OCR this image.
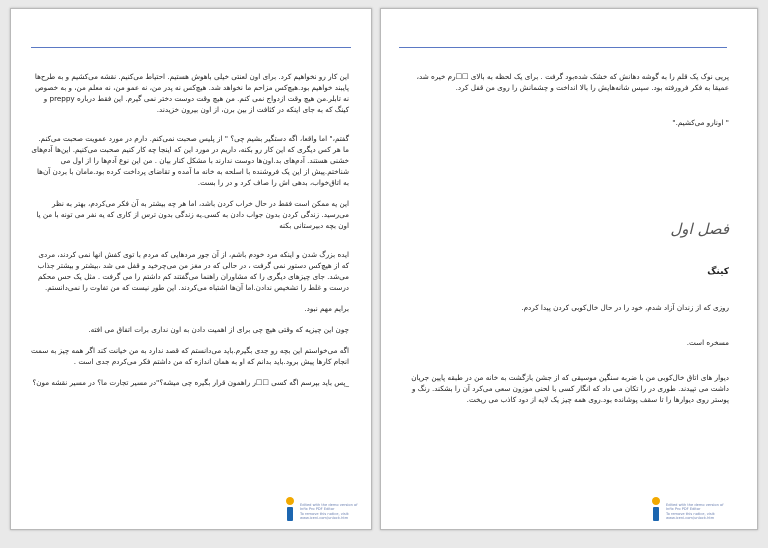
این کار رو نخواهیم کرد. برای اون لعنتی خیلی باهوش هستیم. احتیاط می‌کنیم. نقشه می‌کشیم و به طرح‌ها پایبند خواهیم بود.هیچ‌کس مزاحم ما نخواهد شد. هیچ‌کس نه پدر من، نه عمو من، نه معلم من، و به خصوص نه تابلر.من هیچ وقت ازدواج نمی کنم. من هیچ وقت دوست دختر نمی گیرم. این فقط درباره preppy و کینگ که به جای اینکه در کثافت از بین برن، از اون بیرون خزیدند.

گفتم،" اما واقعا، اگه دستگیر بشیم چی؟ " از پلیس صحبت نمی‌کنم. دارم در مورد عمویت صحبت می‌کنم. ما هر کس دیگری که این کار رو بکنه، داریم در مورد این که اینجا چه کار کنیم صحبت می‌کنیم. این‌ها آدم‌های خشنی هستند. آدم‌های بد.اون‌ها دوست ندارند با مشکل کنار بیان . من این نوع آدم‌ها را از اول می شناختم.پیش از این یک فروشنده با اسلحه به خانه ما آمده و تقاضای پرداخت کرده بود.مامان با بردن آن‌ها به اتاق‌خواب، بدهی اش را صاف کرد و در را بست.

این یه ممکن است فقط در حال خراب کردن باشد، اما هر چه بیشتر به آن فکر می‌کردم، بهتر به نظر می‌رسید. زندگی کردن بدون جواب دادن به کسی.یه زندگی بدون ترس از کاری که یه نفر می تونه با من یا اون بچه دبیرستانی بکنه

ایده بزرگ شدن و اینکه مرد خودم باشم، از آن جور مردهایی که مردم با توی کفش انها نمی کردند، مردی که از هیچ‌کس دستور نمی گرفت ، در حالی که در مغز من می‌چرخید و قفل می شد ،بیشتر و بیشتر جذاب می‌شد. جای چیزهای دیگری را که مشاوران راهنما می‌گفتند کم داشتم را می گرفت . مثل یک حس محکم درست و غلط را تشخیص ندادن.اما آن‌ها اشتباه می‌کردند. این طور نیست که من تفاوت را نمی‌دانستم.

برایم مهم نبود.

چون این چیزیه که وقتی هیچ چی برای از اهمیت دادن به اون نداری برات اتفاق می افته.

اگه می‌خواستم این بچه رو جدی بگیرم.باید می‌دانستم که قصد ندارد به من خیانت کند اگر همه چیز به سمت انجام کارها پیش برود.باید بدانم که او به همان اندازه که من داشتم فکر می‌کردم جدی است .

_پس باید بپرسم اگه کسی ☐☐ر راهمون قرار بگیره چی میشه؟"در مسیر تجارت ما؟ در مسیر نقشه مون؟

Edited with the demo version of
Infix Pro PDF Editor
To remove this notice, visit:
www.iceni.com/unlock.htm

پریی نوک یک قلم را به گوشه دهانش که خشک شده‌بود گرفت . برای یک لحظه به بالای ☐☐رم خیره شد، عمیقا به فکر فرورفته بود. سپس شانه‌هایش را بالا انداخت و چشمانش را روی من قفل کرد.

" اونارو می‌کشیم."

فصل اول
کینگ

روزی که از زندان آزاد شدم، خود را در حال خال‌کوبی کردن پیدا کردم.

مسخره است.

دیوار های اتاق خال‌کوبی من با ضربه سنگین موسیقی که از جشن بازگشت به خانه من در طبقه پایین جریان داشت می تپیدند. طوری در را تکان می داد که انگار کسی با لحنی موزون سعی می‌کرد آن را بشکند. رنگ و پوستر روی دیوارها را تا سقف پوشانده بود.روی همه چیز یک لایه از دود کاذب می ریخت.

Edited with the demo version of
Infix Pro PDF Editor
To remove this notice, visit:
www.iceni.com/unlock.htm
